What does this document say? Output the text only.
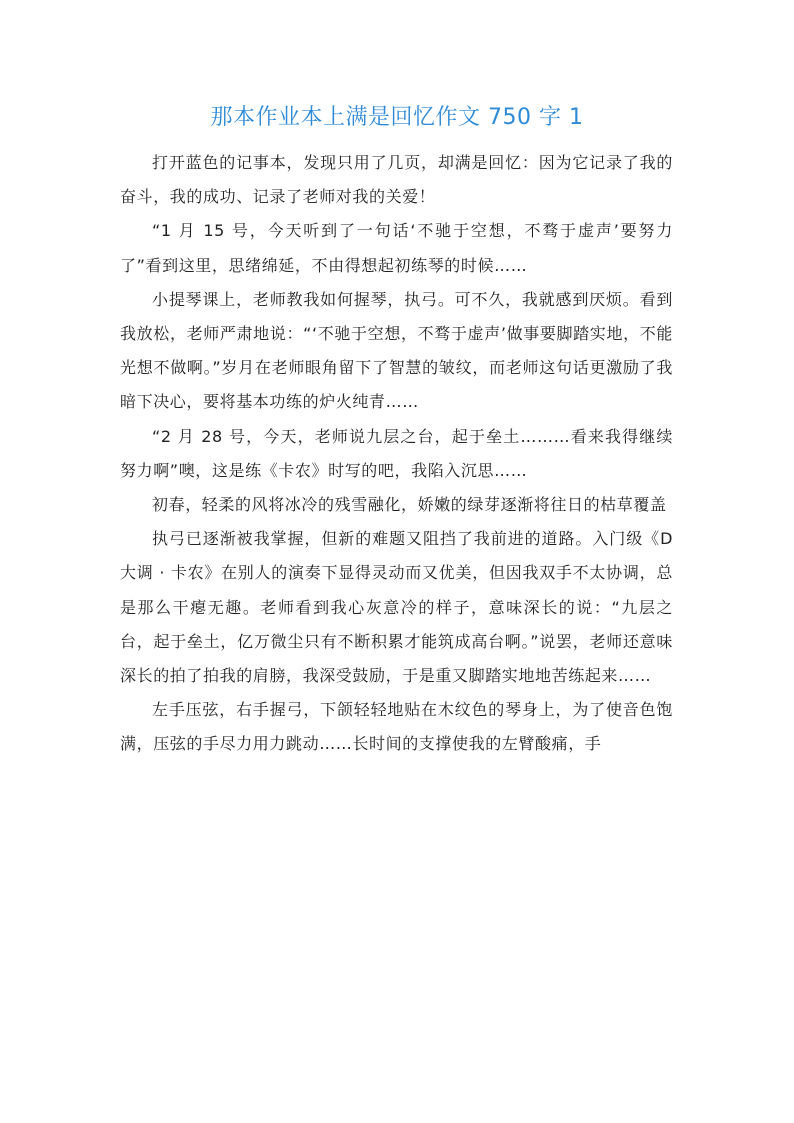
那本作业本上满是回忆作文 750 字 1

打开蓝色的记事本，发现只用了几页，却满是回忆：因为它记录了我的奋斗，我的成功、记录了老师对我的关爱！

“1 月 15 号，今天听到了一句话‘不驰于空想，不骛于虚声’要努力了”看到这里，思绪绵延，不由得想起初练琴的时候……

小提琴课上，老师教我如何握琴，执弓。可不久，我就感到厌烦。看到我放松，老师严肃地说：“‘不驰于空想，不骛于虚声’做事要脚踏实地，不能光想不做啊。”岁月在老师眼角留下了智慧的皱纹，而老师这句话更激励了我暗下决心，要将基本功练的炉火纯青……

“2 月 28 号，今天，老师说九层之台，起于垒土………看来我得继续努力啊”噢，这是练《卡农》时写的吧，我陷入沉思……

初春，轻柔的风将冰冷的残雪融化，娇嫩的绿芽逐渐将往日的枯草覆盖

执弓已逐渐被我掌握，但新的难题又阻挡了我前进的道路。入门级《D 大调 · 卡农》在别人的演奏下显得灵动而又优美，但因我双手不太协调，总是那么干瘪无趣。老师看到我心灰意冷的样子，意味深长的说：“九层之台，起于垒土，亿万微尘只有不断积累才能筑成高台啊。”说罢，老师还意味深长的拍了拍我的肩膀，我深受鼓励，于是重又脚踏实地地苦练起来……

左手压弦，右手握弓，下颌轻轻地贴在木纹色的琴身上，为了使音色饱满，压弦的手尽力用力跳动……长时间的支撑使我的左臂酸痛，手
